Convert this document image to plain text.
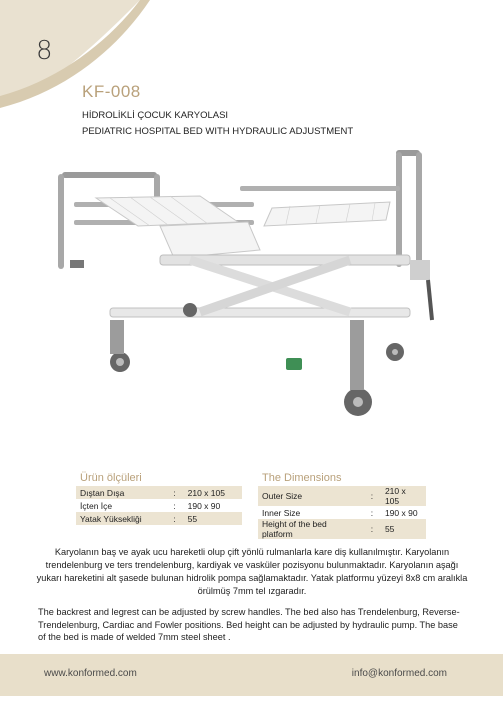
8
KF-008
HİDROLİKLİ ÇOCUK KARYOLASI
PEDIATRIC HOSPITAL BED WITH HYDRAULIC ADJUSTMENT
Ürün ölçüleri
Dıştan Dışa	:	210 x 105
İçten İçe	:	190 x 90
Yatak Yüksekliği	:	55
The Dimensions
Outer Size	:	210 x 105
Inner Size	:	190 x 90
Height of the bed platform	:	55
Karyolanın baş ve ayak ucu hareketli olup çift yönlü rulmanlarla kare diş kullanılmıştır. Karyolanın trendelenburg ve ters trendelenburg, kardiyak ve vasküler pozisyonu bulunmaktadır. Karyolanın aşağı yukarı hareketini alt şasede bulunan hidrolik pompa sağlamaktadır. Yatak platformu yüzeyi 8x8 cm aralıkla örülmüş 7mm tel ızgaradır.
The backrest and legrest can be adjusted by screw handles. The bed also has Trendelenburg, Reverse-Trendelenburg, Cardiac and Fowler positions. Bed height can be adjusted by hydraulic pump. The base of the bed is made of welded 7mm steel sheet .
www.konformed.com	info@konformed.com
